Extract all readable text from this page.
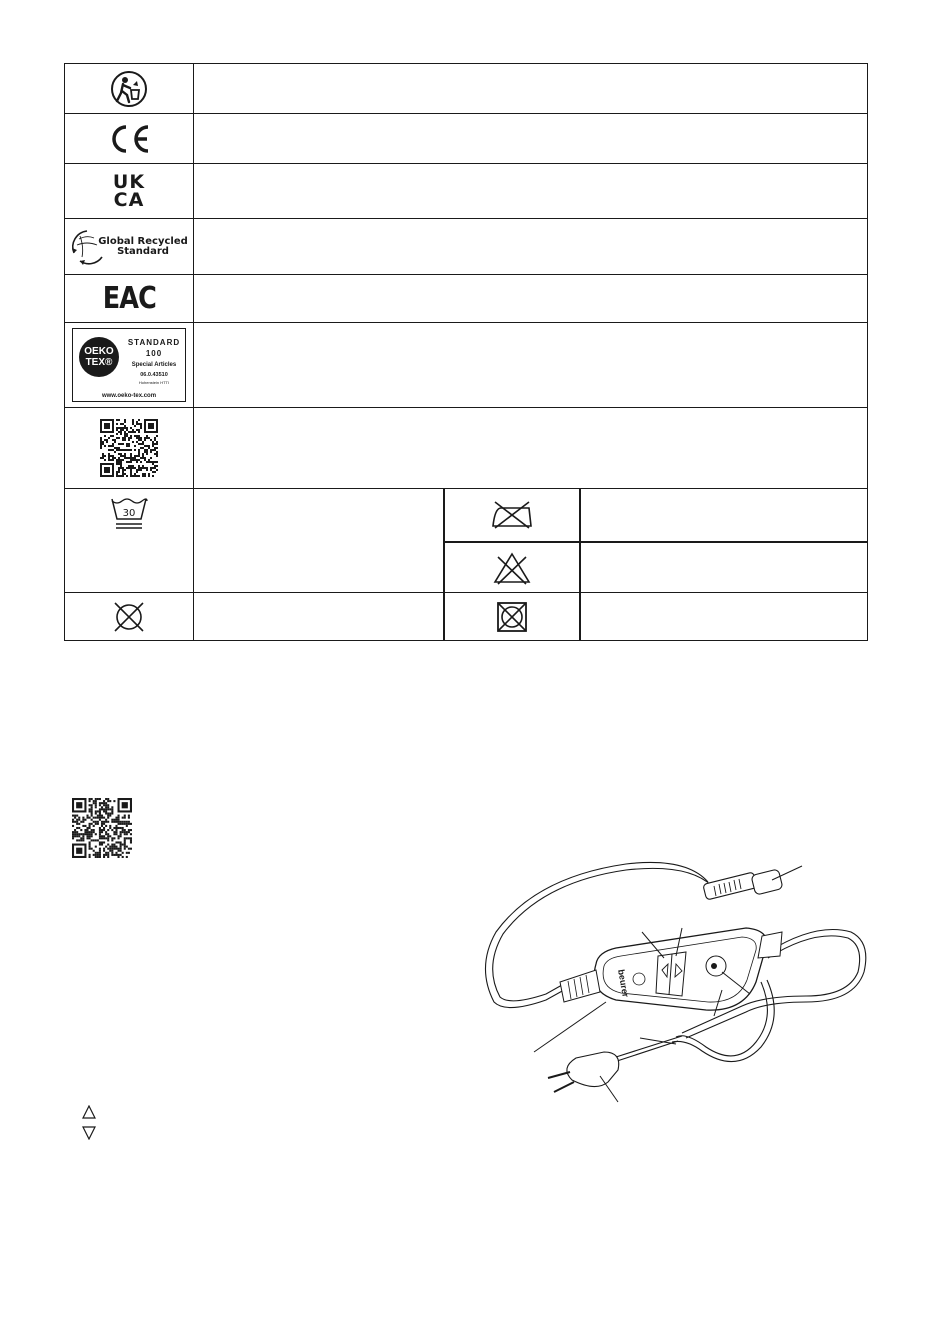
UK
CA
Global Recycled
Standard
EAC
OEKO
TEX®
STANDARD
100
Special Articles
06.0.43510
Hohenstein HTTI
www.oeko-tex.com
30
beurer
